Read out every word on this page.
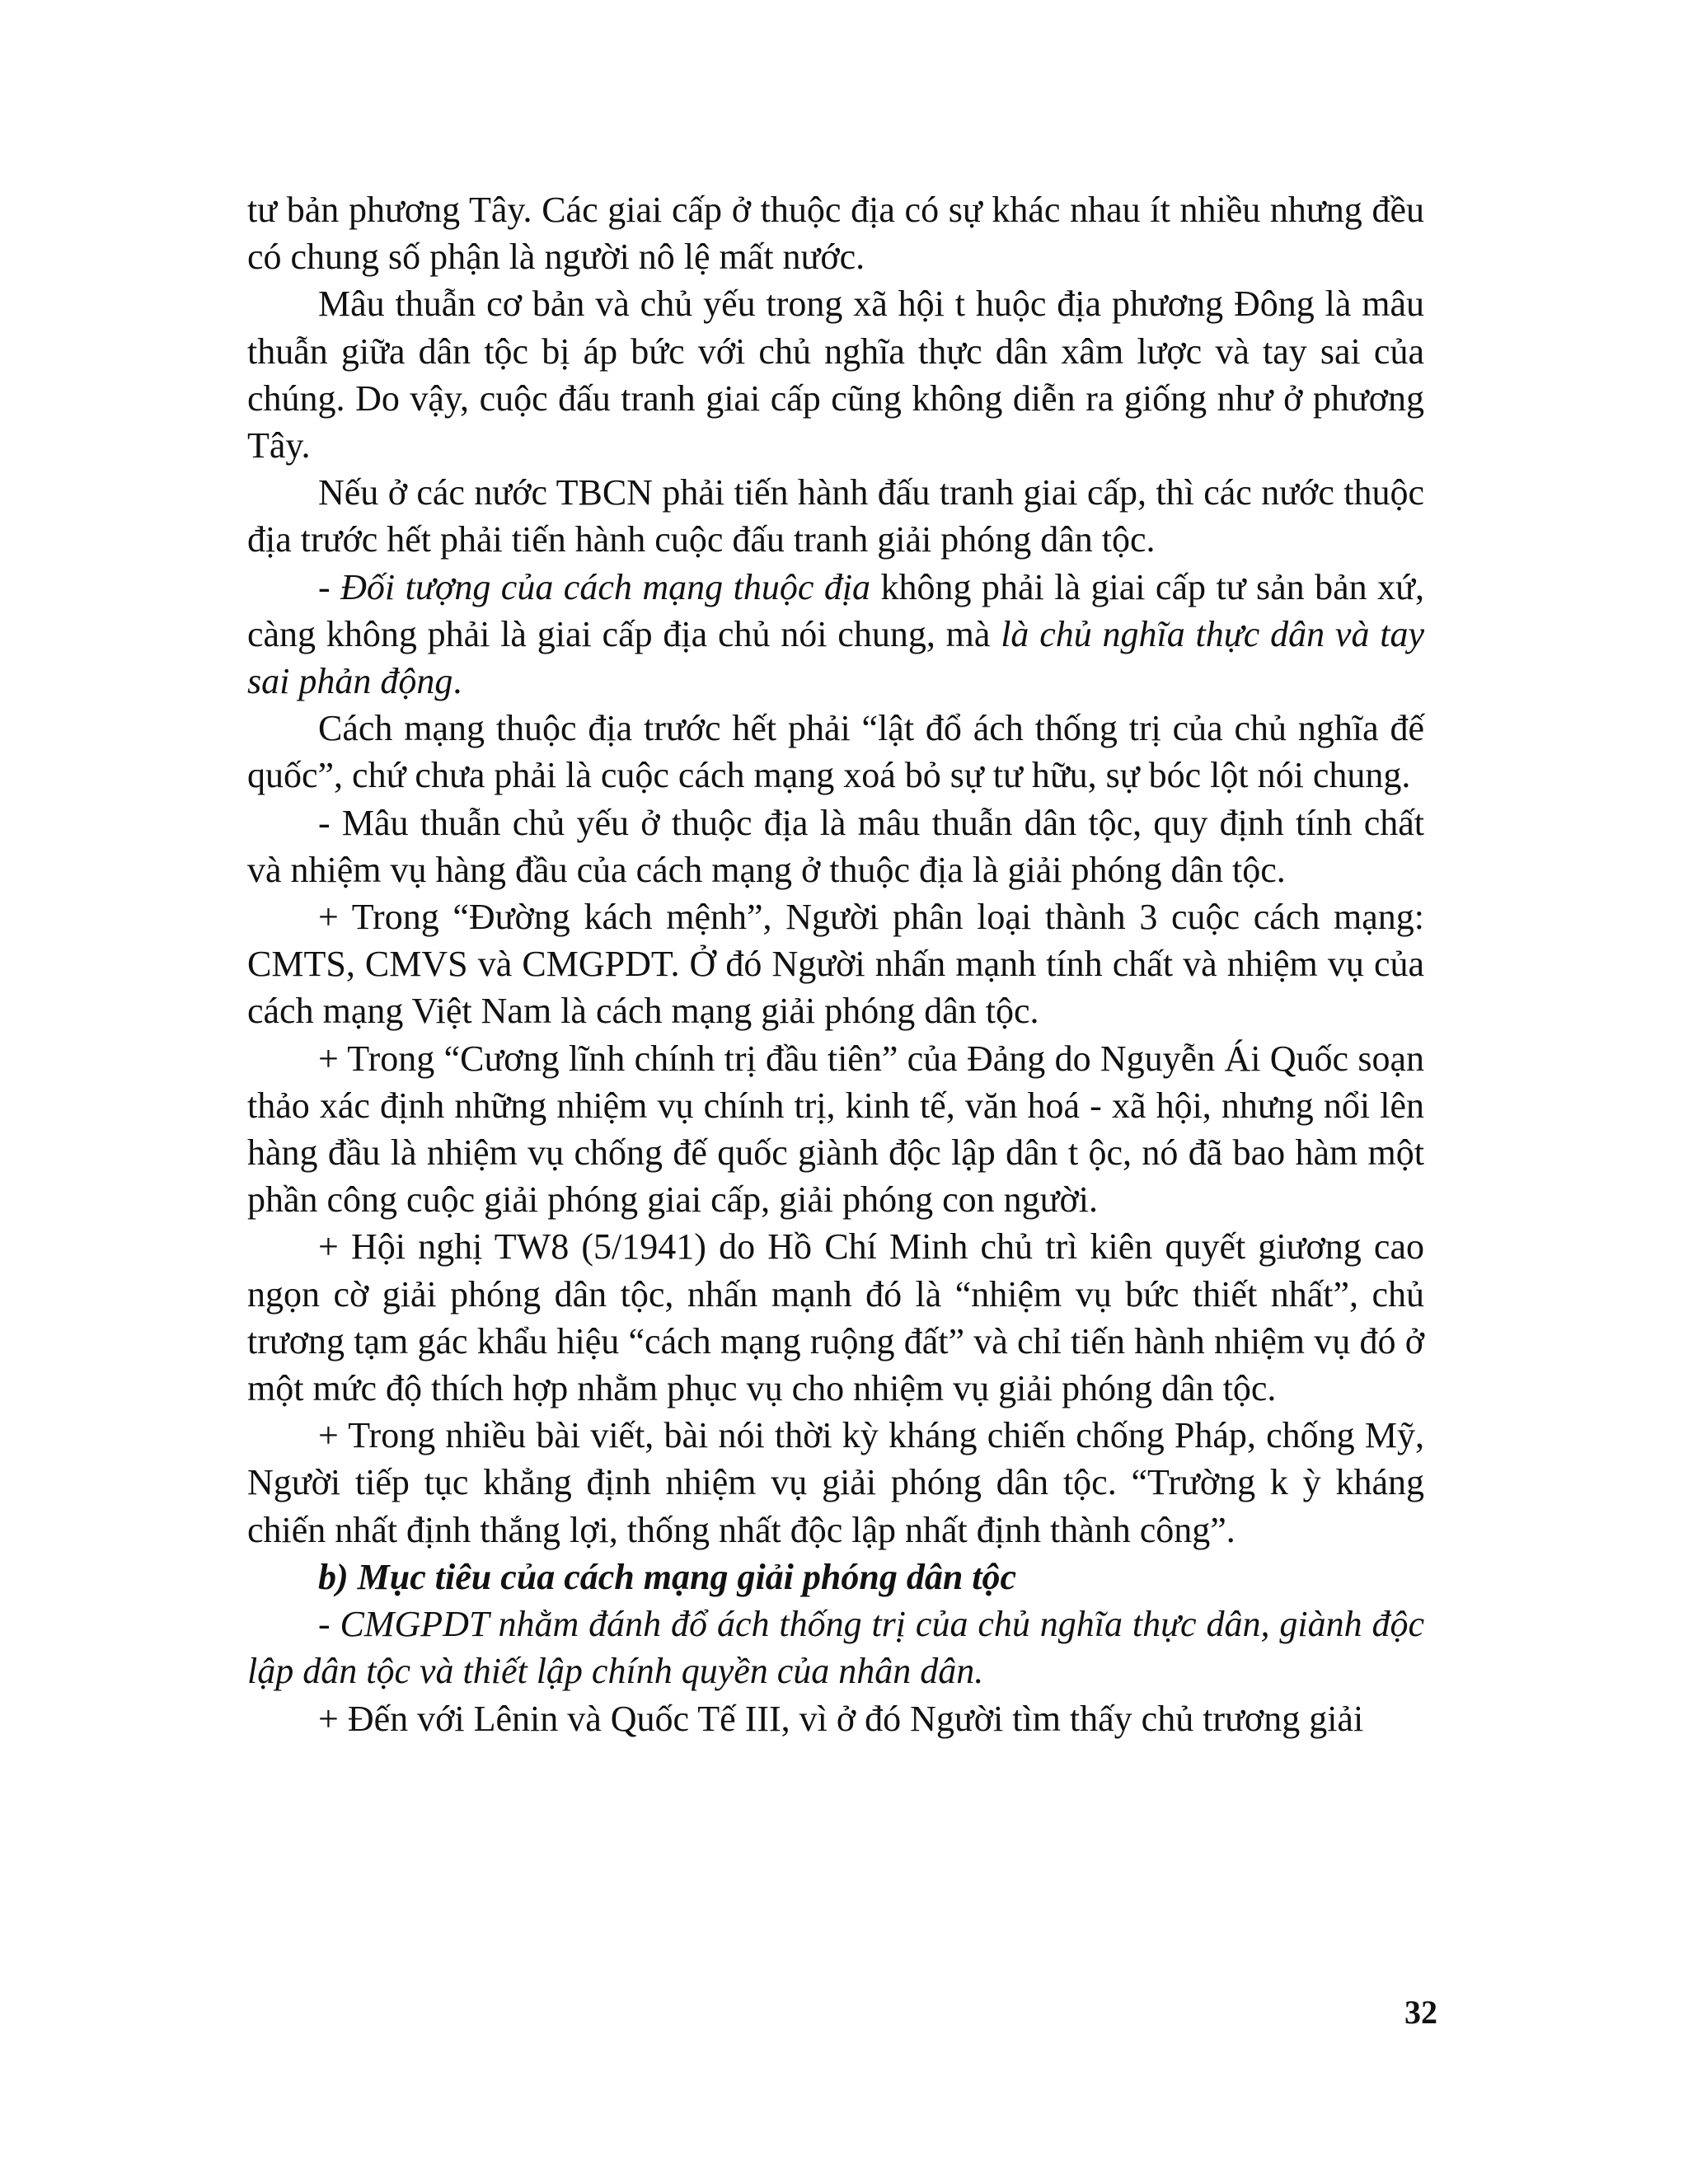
tư bản phương Tây. Các giai cấp ở thuộc địa có sự khác nhau ít nhiều nhưng đều có chung số phận là người nô lệ mất nước.

Mâu thuẫn cơ bản và chủ yếu trong xã hội t huộc địa phương Đông là mâu thuẫn giữa dân tộc bị áp bức với chủ nghĩa thực dân xâm lược và tay sai của chúng. Do vậy, cuộc đấu tranh giai cấp cũng không diễn ra giống như ở phương Tây.

Nếu ở các nước TBCN phải tiến hành đấu tranh giai cấp, thì các nước thuộc địa trước hết phải tiến hành cuộc đấu tranh giải phóng dân tộc.

- Đối tượng của cách mạng thuộc địa không phải là giai cấp tư sản bản xứ, càng không phải là giai cấp địa chủ nói chung, mà là chủ nghĩa thực dân và tay sai phản động.

Cách mạng thuộc địa trước hết phải “lật đổ ách thống trị của chủ nghĩa đế quốc”, chứ chưa phải là cuộc cách mạng xoá bỏ sự tư hữu, sự bóc lột nói chung.

- Mâu thuẫn chủ yếu ở thuộc địa là mâu thuẫn dân tộc, quy định tính chất và nhiệm vụ hàng đầu của cách mạng ở thuộc địa là giải phóng dân tộc.

+ Trong “Đường kách mệnh”, Người phân loại thành 3 cuộc cách mạng: CMTS, CMVS và CMGPDT. Ở đó Người nhấn mạnh tính chất và nhiệm vụ của cách mạng Việt Nam là cách mạng giải phóng dân tộc.

+ Trong “Cương lĩnh chính trị đầu tiên” của Đảng do Nguyễn Ái Quốc soạn thảo xác định những nhiệm vụ chính trị, kinh tế, văn hoá - xã hội, nhưng nổi lên hàng đầu là nhiệm vụ chống đế quốc giành độc lập dân t ộc, nó đã bao hàm một phần công cuộc giải phóng giai cấp, giải phóng con người.

+ Hội nghị TW8 (5/1941) do Hồ Chí Minh chủ trì kiên quyết giương cao ngọn cờ giải phóng dân tộc, nhấn mạnh đó là “nhiệm vụ bức thiết nhất”, chủ trương tạm gác khẩu hiệu “cách mạng ruộng đất” và chỉ tiến hành nhiệm vụ đó ở một mức độ thích hợp nhằm phục vụ cho nhiệm vụ giải phóng dân tộc.

+ Trong nhiều bài viết, bài nói thời kỳ kháng chiến chống Pháp, chống Mỹ, Người tiếp tục khẳng định nhiệm vụ giải phóng dân tộc. “Trường k ỳ kháng chiến nhất định thắng lợi, thống nhất độc lập nhất định thành công”.

b) Mục tiêu của cách mạng giải phóng dân tộc

- CMGPDT nhằm đánh đổ ách thống trị của chủ nghĩa thực dân, giành độc lập dân tộc và thiết lập chính quyền của nhân dân.

+ Đến với Lênin và Quốc Tế III, vì ở đó Người tìm thấy chủ trương giải

32
